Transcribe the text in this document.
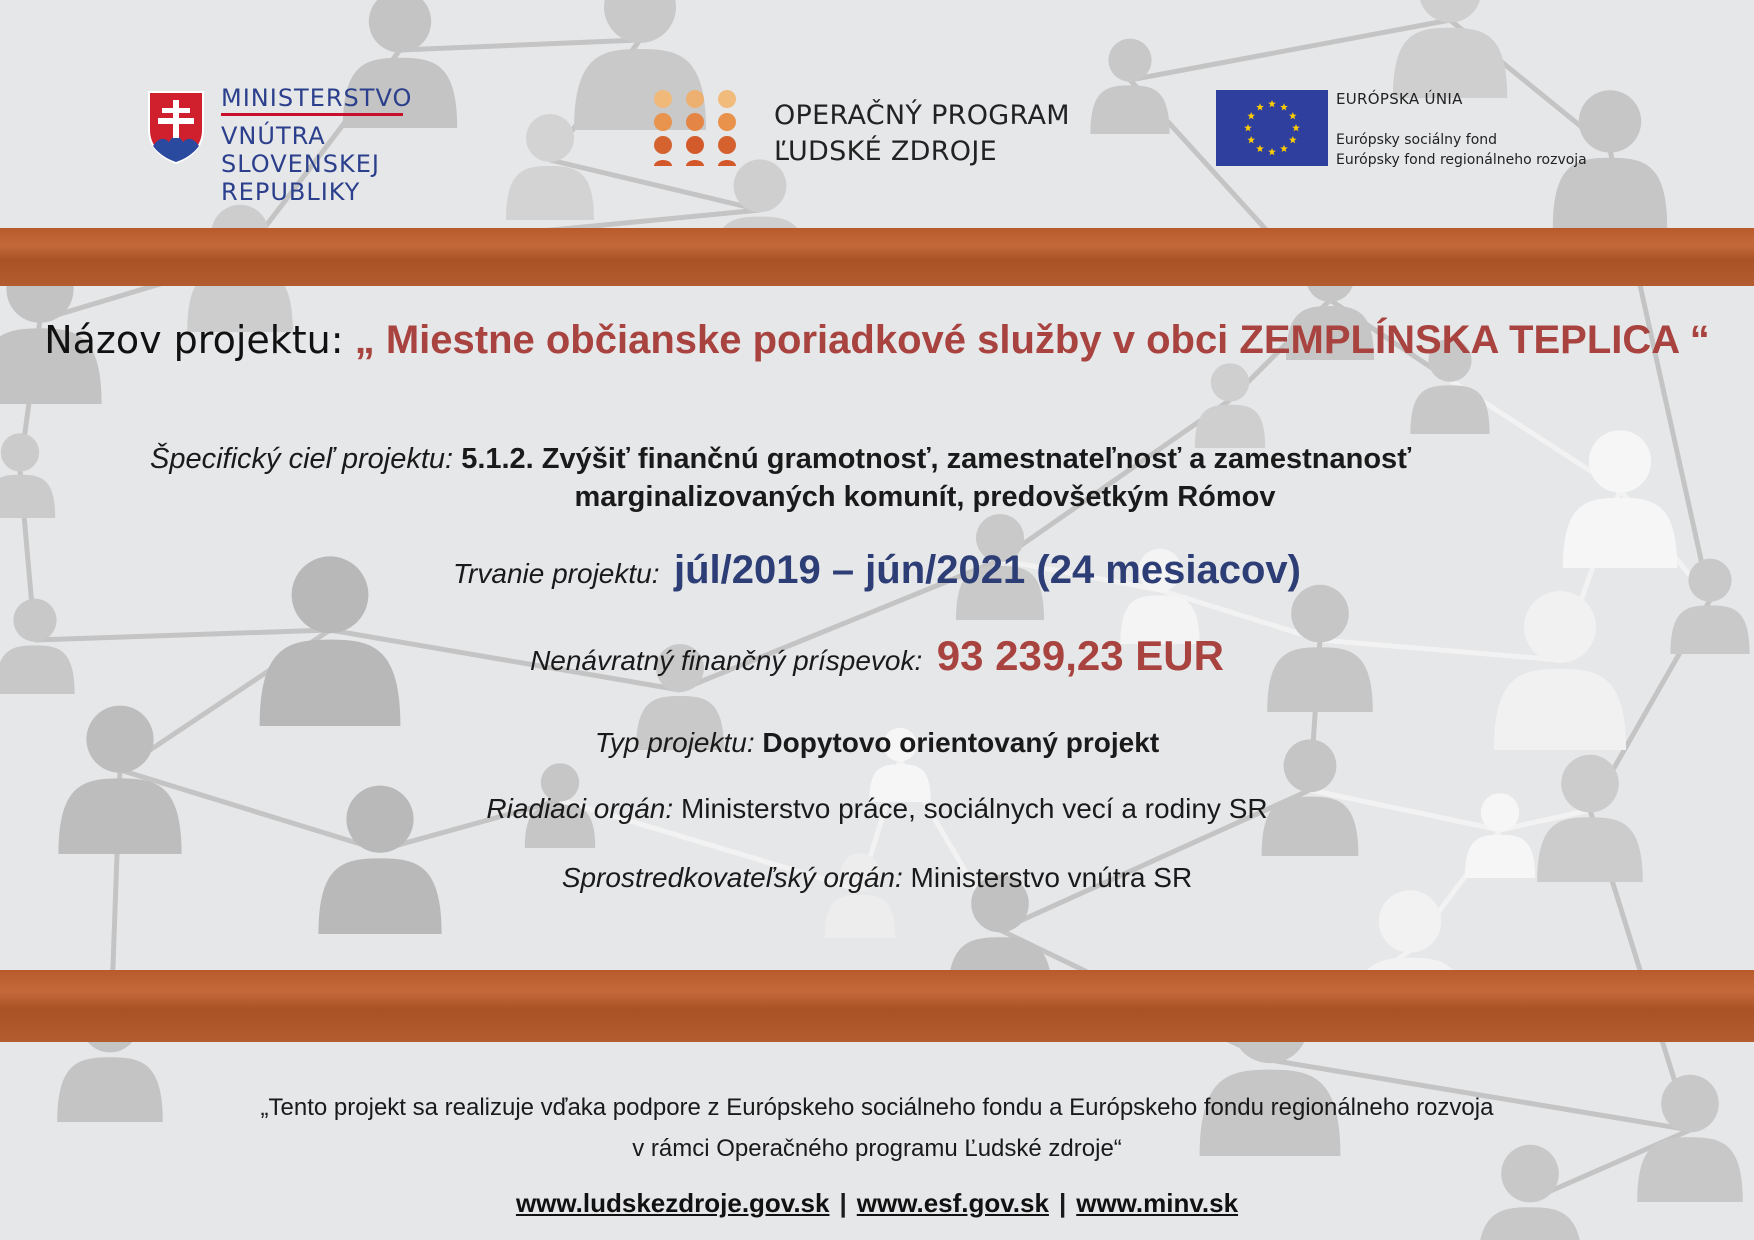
MINISTERSTVO
VNÚTRA
SLOVENSKEJ REPUBLIKY
OPERAČNÝ PROGRAM
ĽUDSKÉ ZDROJE
EURÓPSKA ÚNIA
Európsky sociálny fond
Európsky fond regionálneho rozvoja
Názov projektu: „ Miestne občianske poriadkové služby v obci ZEMPLÍNSKA TEPLICA “
Špecifický cieľ projektu: 5.1.2. Zvýšiť finančnú gramotnosť, zamestnateľnosť a zamestnanosť
marginalizovaných komunít, predovšetkým Rómov
Trvanie projektu: júl/2019 – jún/2021 (24 mesiacov)
Nenávratný finančný príspevok: 93 239,23 EUR
Typ projektu: Dopytovo orientovaný projekt
Riadiaci orgán: Ministerstvo práce, sociálnych vecí a rodiny SR
Sprostredkovateľský orgán: Ministerstvo vnútra SR
„Tento projekt sa realizuje vďaka podpore z Európskeho sociálneho fondu a Európskeho fondu regionálneho rozvoja
v rámci Operačného programu Ľudské zdroje“
www.ludskezdroje.gov.sk | www.esf.gov.sk | www.minv.sk
